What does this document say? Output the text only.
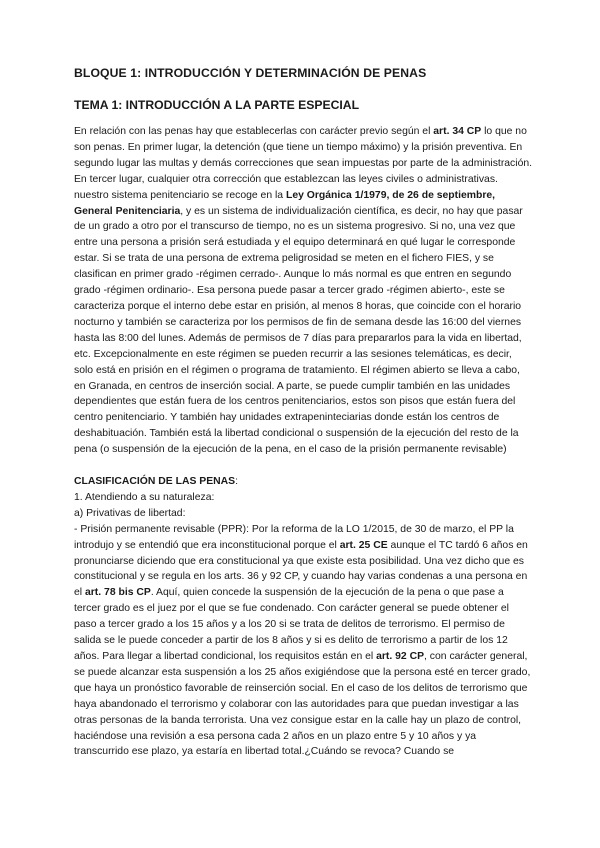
BLOQUE 1: INTRODUCCIÓN Y DETERMINACIÓN DE PENAS
TEMA 1: INTRODUCCIÓN A LA PARTE ESPECIAL

En relación con las penas hay que establecerlas con carácter previo según el art. 34 CP lo que no son penas. En primer lugar, la detención (que tiene un tiempo máximo) y la prisión preventiva. En segundo lugar las multas y demás correcciones que sean impuestas por parte de la administración. En tercer lugar, cualquier otra corrección que establezcan las leyes civiles o administrativas.

nuestro sistema penitenciario se recoge en la Ley Orgánica 1/1979, de 26 de septiembre, General Penitenciaria, y es un sistema de individualización científica, es decir, no hay que pasar de un grado a otro por el transcurso de tiempo, no es un sistema progresivo. Si no, una vez que entre una persona a prisión será estudiada y el equipo determinará en qué lugar le corresponde estar. Si se trata de una persona de extrema peligrosidad se meten en el fichero FIES, y se clasifican en primer grado -régimen cerrado-. Aunque lo más normal es que entren en segundo grado -régimen ordinario-. Esa persona puede pasar a tercer grado -régimen abierto-, este se caracteriza porque el interno debe estar en prisión, al menos 8 horas, que coincide con el horario nocturno y también se caracteriza por los permisos de fin de semana desde las 16:00 del viernes hasta las 8:00 del lunes. Además de permisos de 7 días para prepararlos para la vida en libertad, etc. Excepcionalmente en este régimen se pueden recurrir a las sesiones telemáticas, es decir, solo está en prisión en el régimen o programa de tratamiento. El régimen abierto se lleva a cabo, en Granada, en centros de inserción social. A parte, se puede cumplir también en las unidades dependientes que están fuera de los centros penitenciarios, estos son pisos que están fuera del centro penitenciario. Y también hay unidades extrapeninteciarias donde están los centros de deshabituación. También está la libertad condicional o suspensión de la ejecución del resto de la pena (o suspensión de la ejecución de la pena, en el caso de la prisión permanente revisable)

CLASIFICACIÓN DE LAS PENAS:

1. Atendiendo a su naturaleza:

a) Privativas de libertad:

- Prisión permanente revisable (PPR): Por la reforma de la LO 1/2015, de 30 de marzo, el PP la introdujo y se entendió que era inconstitucional porque el art. 25 CE aunque el TC tardó 6 años en pronunciarse diciendo que era constitucional ya que existe esta posibilidad. Una vez dicho que es constitucional y se regula en los arts. 36 y 92 CP, y cuando hay varias condenas a una persona en el art. 78 bis CP. Aquí, quien concede la suspensión de la ejecución de la pena o que pase a tercer grado es el juez por el que se fue condenado. Con carácter general se puede obtener el paso a tercer grado a los 15 años y a los 20 si se trata de delitos de terrorismo. El permiso de salida se le puede conceder a partir de los 8 años y si es delito de terrorismo a partir de los 12 años. Para llegar a libertad condicional, los requisitos están en el art. 92 CP, con carácter general, se puede alcanzar esta suspensión a los 25 años exigiéndose que la persona esté en tercer grado, que haya un pronóstico favorable de reinserción social. En el caso de los delitos de terrorismo que haya abandonado el terrorismo y colaborar con las autoridades para que puedan investigar a las otras personas de la banda terrorista. Una vez consigue estar en la calle hay un plazo de control, haciéndose una revisión a esa persona cada 2 años en un plazo entre 5 y 10 años y ya transcurrido ese plazo, ya estaría en libertad total.¿Cuándo se revoca? Cuando se
